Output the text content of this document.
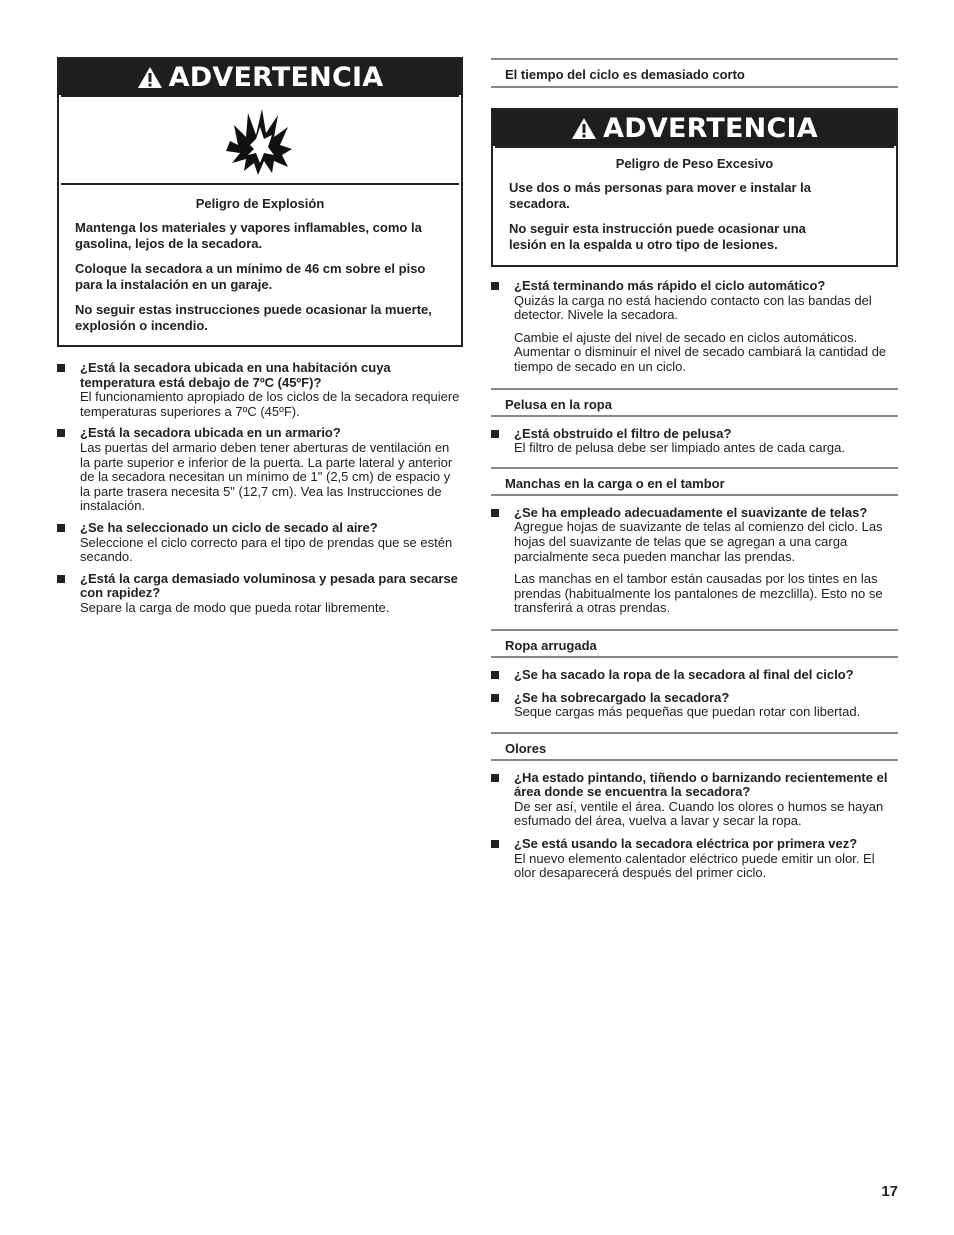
ADVERTENCIA

Peligro de Explosión

Mantenga los materiales y vapores inflamables, como la gasolina, lejos de la secadora.

Coloque la secadora a un mínimo de 46 cm sobre el piso para la instalación en un garaje.

No seguir estas instrucciones puede ocasionar la muerte, explosión o incendio.

¿Está la secadora ubicada en una habitación cuya temperatura está debajo de 7ºC (45ºF)?
El funcionamiento apropiado de los ciclos de la secadora requiere temperaturas superiores a 7ºC (45ºF).
¿Está la secadora ubicada en un armario?
Las puertas del armario deben tener aberturas de ventilación en la parte superior e inferior de la puerta. La parte lateral y anterior de la secadora necesitan un mínimo de 1" (2,5 cm) de espacio y la parte trasera necesita 5" (12,7 cm). Vea las Instrucciones de instalación.
¿Se ha seleccionado un ciclo de secado al aire?
Seleccione el ciclo correcto para el tipo de prendas que se estén secando.
¿Está la carga demasiado voluminosa y pesada para secarse con rapidez?
Separe la carga de modo que pueda rotar libremente.
El tiempo del ciclo es demasiado corto
ADVERTENCIA

Peligro de Peso Excesivo

Use dos o más personas para mover e instalar la secadora.

No seguir esta instrucción puede ocasionar una lesión en la espalda u otro tipo de lesiones.

¿Está terminando más rápido el ciclo automático?
Quizás la carga no está haciendo contacto con las bandas del detector. Nivele la secadora.
Cambie el ajuste del nivel de secado en ciclos automáticos. Aumentar o disminuir el nivel de secado cambiará la cantidad de tiempo de secado en un ciclo.
Pelusa en la ropa
¿Está obstruido el filtro de pelusa?
El filtro de pelusa debe ser limpiado antes de cada carga.
Manchas en la carga o en el tambor
¿Se ha empleado adecuadamente el suavizante de telas?
Agregue hojas de suavizante de telas al comienzo del ciclo. Las hojas del suavizante de telas que se agregan a una carga parcialmente seca pueden manchar las prendas.
Las manchas en el tambor están causadas por los tintes en las prendas (habitualmente los pantalones de mezclilla). Esto no se transferirá a otras prendas.
Ropa arrugada
¿Se ha sacado la ropa de la secadora al final del ciclo?
¿Se ha sobrecargado la secadora?
Seque cargas más pequeñas que puedan rotar con libertad.
Olores
¿Ha estado pintando, tiñendo o barnizando recientemente el área donde se encuentra la secadora?
De ser así, ventile el área. Cuando los olores o humos se hayan esfumado del área, vuelva a lavar y secar la ropa.
¿Se está usando la secadora eléctrica por primera vez?
El nuevo elemento calentador eléctrico puede emitir un olor. El olor desaparecerá después del primer ciclo.
17
